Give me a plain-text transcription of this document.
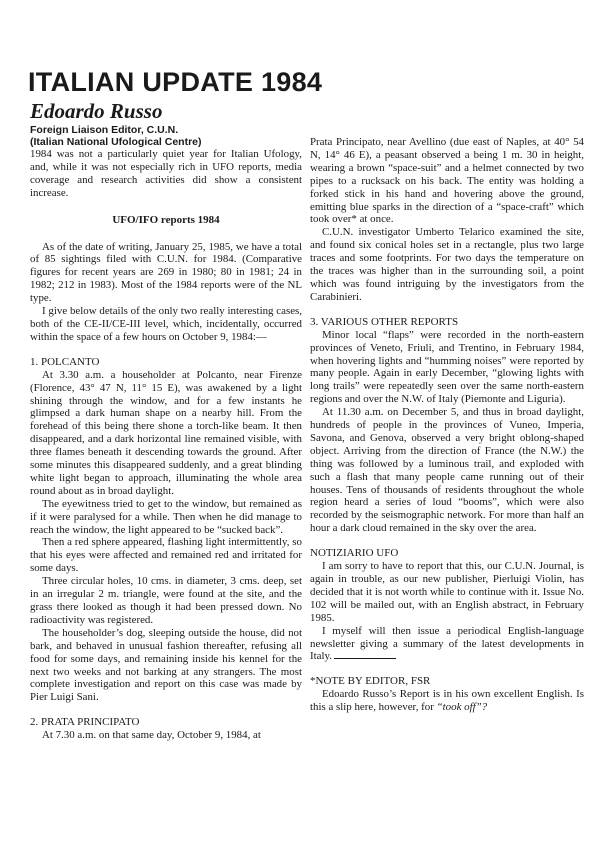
ITALIAN UPDATE 1984
Edoardo Russo
Foreign Liaison Editor, C.U.N.
(Italian National Ufological Centre)

1984 was not a particularly quiet year for Italian Ufology, and, while it was not especially rich in UFO reports, media coverage and research activities did show a consistent increase.

UFO/IFO reports 1984

As of the date of writing, January 25, 1985, we have a total of 85 sightings filed with C.U.N. for 1984. (Comparative figures for recent years are 269 in 1980; 80 in 1981; 24 in 1982; 212 in 1983). Most of the 1984 reports were of the NL type.

I give below details of the only two really interesting cases, both of the CE-II/CE-III level, which, incidentally, occurred within the space of a few hours on October 9, 1984:—

1. POLCANTO

At 3.30 a.m. a householder at Polcanto, near Firenze (Florence, 43° 47 N, 11° 15 E), was awakened by a light shining through the window, and for a few instants he glimpsed a dark human shape on a nearby hill. From the forehead of this being there shone a torch-like beam. It then disappeared, and a dark horizontal line remained visible, with three flames beneath it descending towards the ground. After some minutes this disappeared suddenly, and a great blinding white light began to approach, illuminating the whole area round about as in broad daylight.

The eyewitness tried to get to the window, but remained as if it were paralysed for a while. Then when he did manage to reach the window, the light appeared to be “sucked back”.

Then a red sphere appeared, flashing light intermittently, so that his eyes were affected and remained red and irritated for some days.

Three circular holes, 10 cms. in diameter, 3 cms. deep, set in an irregular 2 m. triangle, were found at the site, and the grass there looked as though it had been pressed down. No radioactivity was registered.

The householder’s dog, sleeping outside the house, did not bark, and behaved in unusual fashion thereafter, refusing all food for some days, and remaining inside his kennel for the next two weeks and not barking at any strangers. The most complete investigation and report on this case was made by Pier Luigi Sani.

2. PRATA PRINCIPATO

At 7.30 a.m. on that same day, October 9, 1984, at

Prata Principato, near Avellino (due east of Naples, at 40° 54 N, 14° 46 E), a peasant observed a being 1 m. 30 in height, wearing a brown “space-suit” and a helmet connected by two pipes to a rucksack on his back. The entity was holding a forked stick in his hand and hovering above the ground, emitting blue sparks in the direction of a “space-craft” which took over* at once.

C.U.N. investigator Umberto Telarico examined the site, and found six conical holes set in a rectangle, plus two large traces and some footprints. For two days the temperature on the traces was higher than in the surrounding soil, a point which was found intriguing by the investigators from the Carabinieri.

3. VARIOUS OTHER REPORTS

Minor local “flaps” were recorded in the north-eastern provinces of Veneto, Friuli, and Trentino, in February 1984, when hovering lights and “humming noises” were reported by many people. Again in early December, “glowing lights with long trails” were repeatedly seen over the same north-eastern regions and over the N.W. of Italy (Piemonte and Liguria).

At 11.30 a.m. on December 5, and thus in broad daylight, hundreds of people in the provinces of Vuneo, Imperia, Savona, and Genova, observed a very bright oblong-shaped object. Arriving from the direction of France (the N.W.) the thing was followed by a luminous trail, and exploded with such a flash that many people came running out of their houses. Tens of thousands of residents throughout the whole region heard a series of loud “booms”, which were also recorded by the seismographic network. For more than half an hour a dark cloud remained in the sky over the area.

NOTIZIARIO UFO

I am sorry to have to report that this, our C.U.N. Journal, is again in trouble, as our new publisher, Pierluigi Violin, has decided that it is not worth while to continue with it. Issue No. 102 will be mailed out, with an English abstract, in February 1985.

I myself will then issue a periodical English-language newsletter giving a summary of the latest developments in Italy.

*NOTE BY EDITOR, FSR

Edoardo Russo’s Report is in his own excellent English. Is this a slip here, however, for “took off”?
